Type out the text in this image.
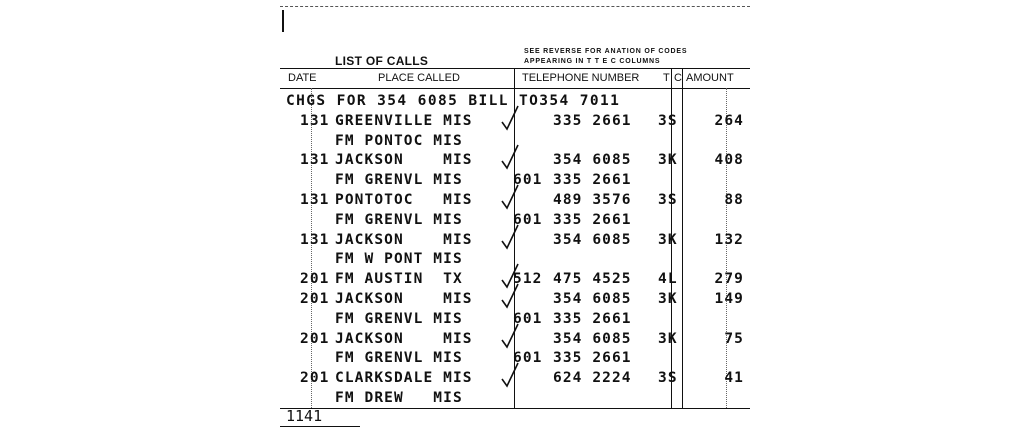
LIST OF CALLS
SEE REVERSE FOR ANATION OF CODES
APPEARING IN T T E C COLUMNS
DATE	PLACE CALLED	TELEPHONE NUMBER T C AMOUNT
CHGS FOR 354 6085 BILL TO354 7011
131 GREENVILLE MIS	335 2661 3S	264
FM PONTOC MIS
131 JACKSON    MIS	354 6085 3K	408
FM GRENVL MIS	601 335 2661
131 PONTOTOC   MIS	489 3576 3S	88
FM GRENVL MIS	601 335 2661
131 JACKSON    MIS	354 6085 3K	132
FM W PONT MIS
201 FM AUSTIN  TX	512 475 4525 4L	279
201 JACKSON    MIS	354 6085 3K	149
FM GRENVL MIS	601 335 2661
201 JACKSON    MIS	354 6085 3K	75
FM GRENVL MIS	601 335 2661
201 CLARKSDALE MIS	624 2224 3S	41
FM DREW   MIS
1141
